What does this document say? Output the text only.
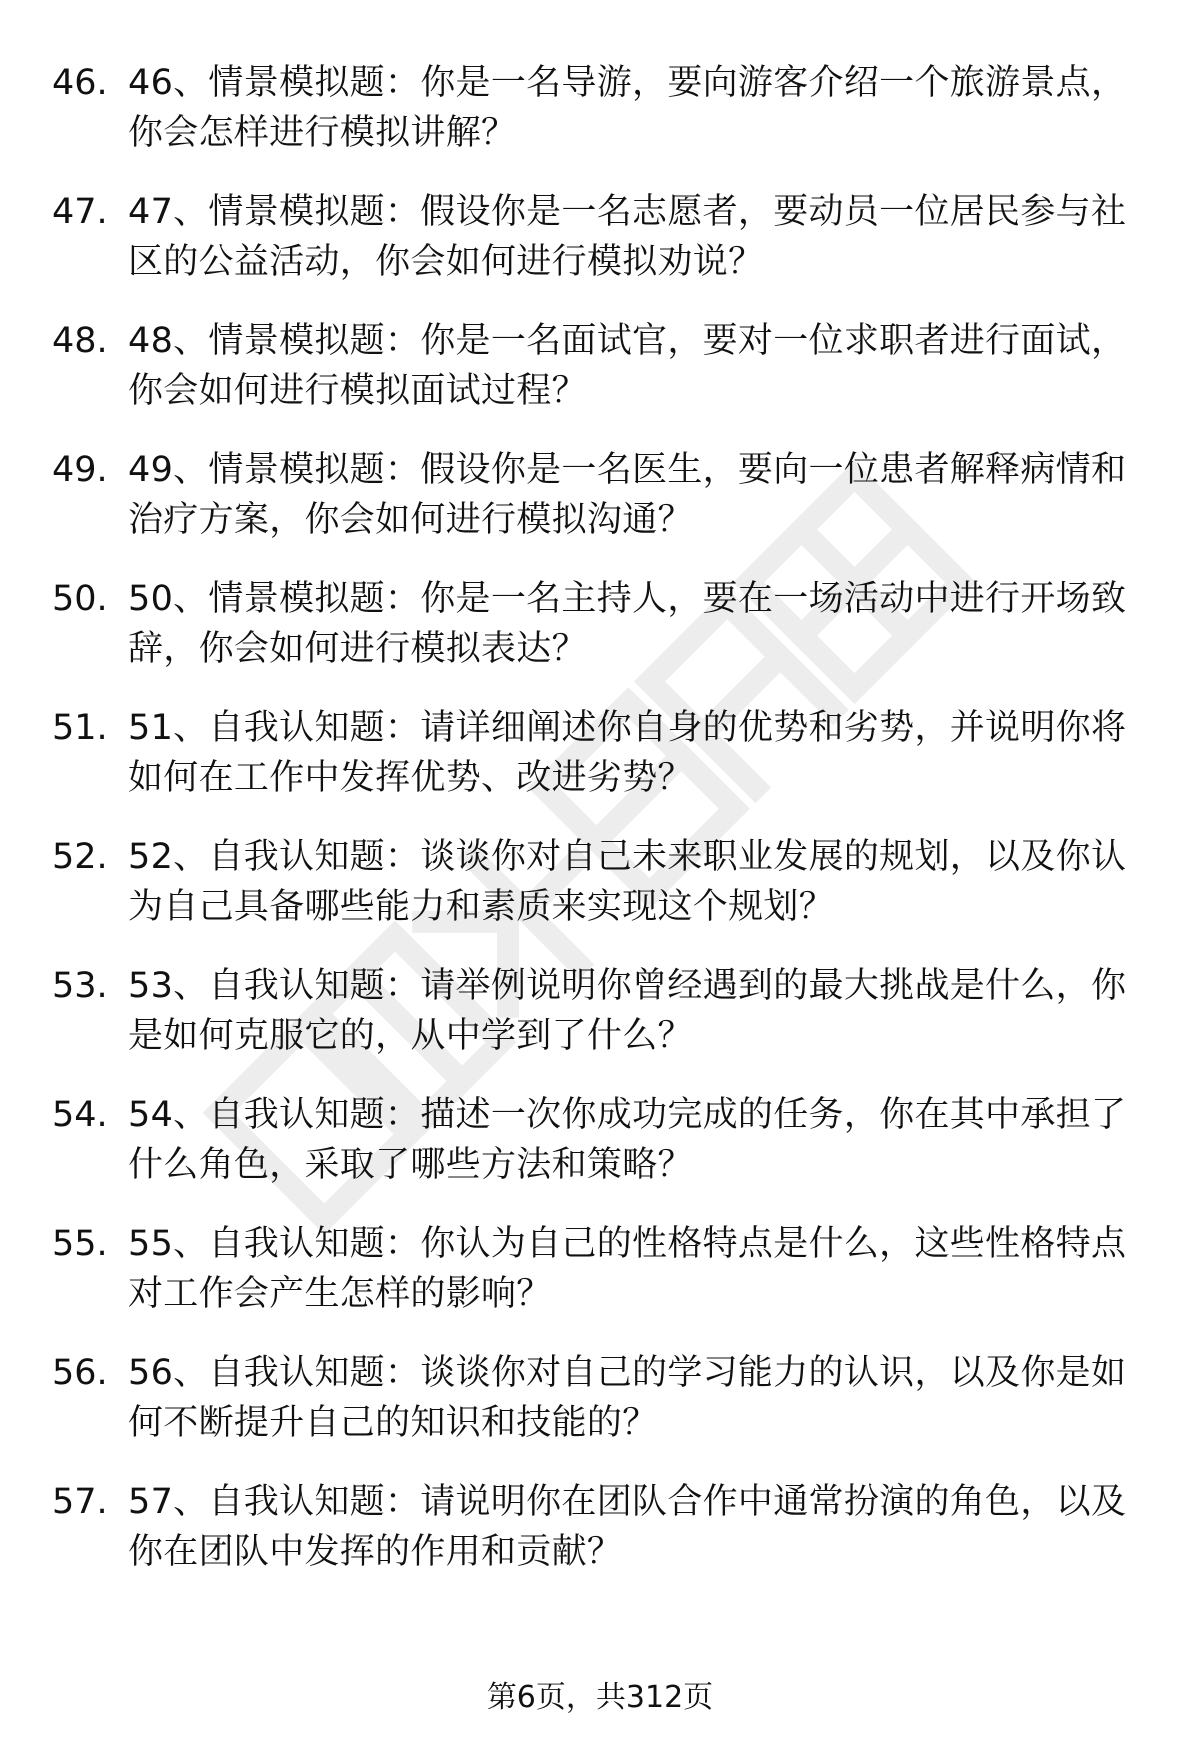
46. 46、情景模拟题：你是一名导游，要向游客介绍一个旅游景点，你会怎样进行模拟讲解？
47. 47、情景模拟题：假设你是一名志愿者，要动员一位居民参与社区的公益活动，你会如何进行模拟劝说？
48. 48、情景模拟题：你是一名面试官，要对一位求职者进行面试，你会如何进行模拟面试过程？
49. 49、情景模拟题：假设你是一名医生，要向一位患者解释病情和治疗方案，你会如何进行模拟沟通？
50. 50、情景模拟题：你是一名主持人，要在一场活动中进行开场致辞，你会如何进行模拟表达？
51. 51、自我认知题：请详细阐述你自身的优势和劣势，并说明你将如何在工作中发挥优势、改进劣势？
52. 52、自我认知题：谈谈你对自己未来职业发展的规划，以及你认为自己具备哪些能力和素质来实现这个规划？
53. 53、自我认知题：请举例说明你曾经遇到的最大挑战是什么，你是如何克服它的，从中学到了什么？
54. 54、自我认知题：描述一次你成功完成的任务，你在其中承担了什么角色，采取了哪些方法和策略？
55. 55、自我认知题：你认为自己的性格特点是什么，这些性格特点对工作会产生怎样的影响？
56. 56、自我认知题：谈谈你对自己的学习能力的认识，以及你是如何不断提升自己的知识和技能的？
57. 57、自我认知题：请说明你在团队合作中通常扮演的角色，以及你在团队中发挥的作用和贡献？
第6页，共312页
